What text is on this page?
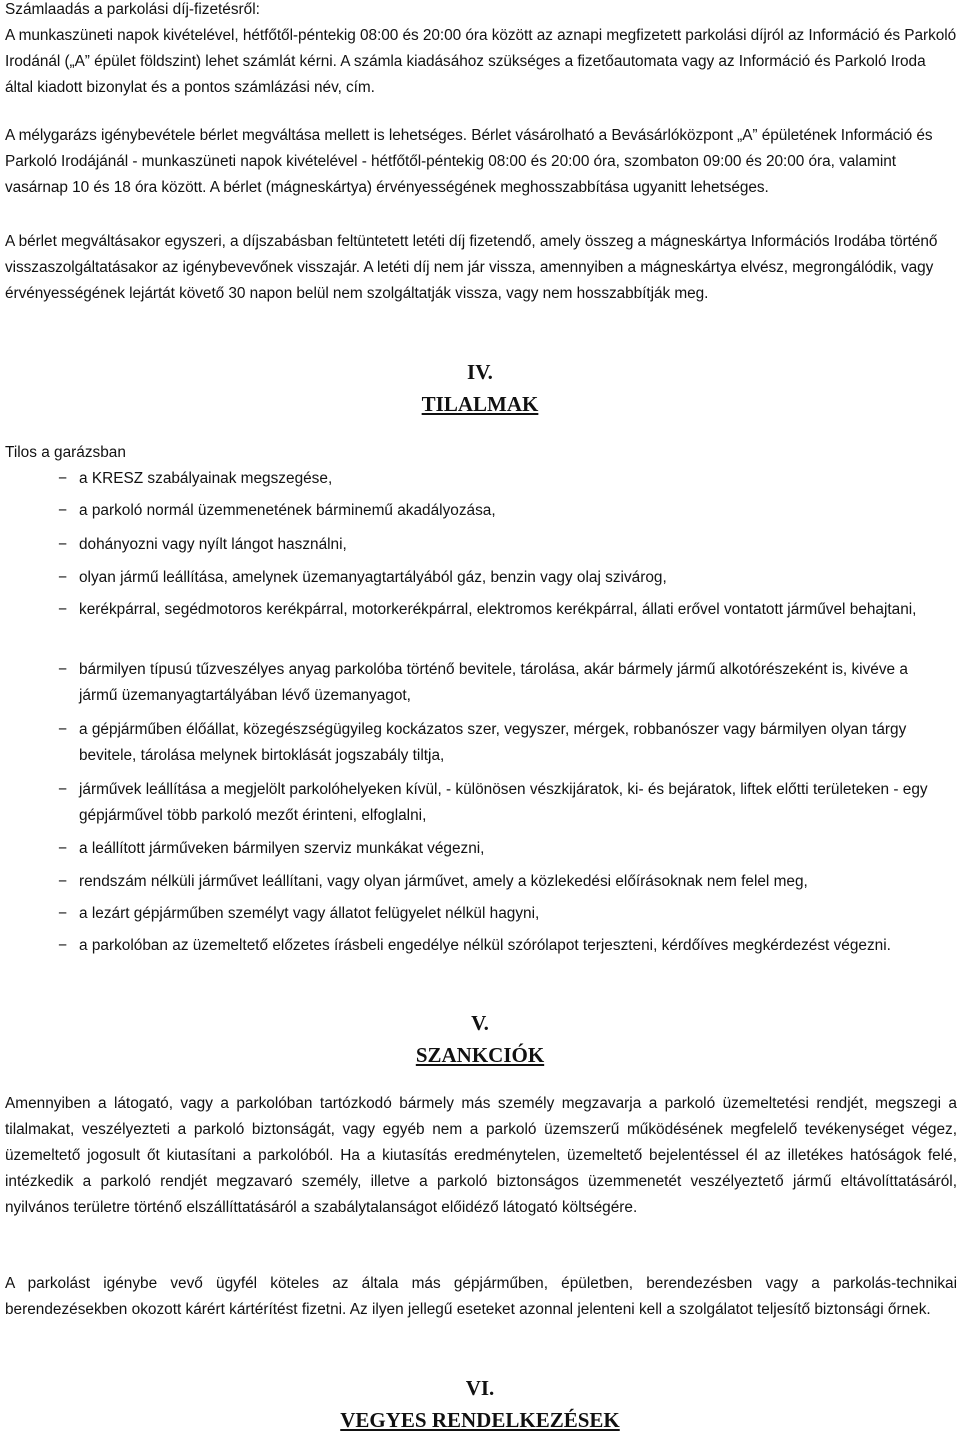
Számlaadás a parkolási díj-fizetésről:

A munkaszüneti napok kivételével, hétfőtől-péntekig 08:00 és 20:00 óra között az aznapi megfizetett parkolási díjról az Információ és Parkoló Irodánál („A” épület földszint) lehet számlát kérni. A számla kiadásához szükséges a fizetőautomata vagy az Információ és Parkoló Iroda által kiadott bizonylat és a pontos számlázási név, cím.

A mélygarázs igénybevétele bérlet megváltása mellett is lehetséges. Bérlet vásárolható a Bevásárlóközpont „A” épületének Információ és Parkoló Irodájánál - munkaszüneti napok kivételével - hétfőtől-péntekig 08:00 és 20:00 óra, szombaton 09:00 és 20:00 óra, valamint vasárnap 10 és 18 óra között. A bérlet (mágneskártya) érvényességének meghosszabbítása ugyanitt lehetséges.

A bérlet megváltásakor egyszeri, a díjszabásban feltüntetett letéti díj fizetendő, amely összeg a mágneskártya Információs Irodába történő visszaszolgáltatásakor az igénybevevőnek visszajár. A letéti díj nem jár vissza, amennyiben a mágneskártya elvész, megrongálódik, vagy érvényességének lejártát követő 30 napon belül nem szolgáltatják vissza, vagy nem hosszabbítják meg.

IV.
TILALMAK

Tilos a garázsban

− a KRESZ szabályainak megszegése,
− a parkoló normál üzemmenetének bárminemű akadályozása,
− dohányozni vagy nyílt lángot használni,
− olyan jármű leállítása, amelynek üzemanyagtartályából gáz, benzin vagy olaj szivárog,
− kerékpárral, segédmotoros kerékpárral, motorkerékpárral, elektromos kerékpárral, állati erővel vontatott járművel behajtani,
− bármilyen típusú tűzveszélyes anyag parkolóba történő bevitele, tárolása, akár bármely jármű alkotórészeként is, kivéve a jármű üzemanyagtartályában lévő üzemanyagot,
− a gépjárműben élőállat, közegészségügyileg kockázatos szer, vegyszer, mérgek, robbanószer vagy bármilyen olyan tárgy bevitele, tárolása melynek birtoklását jogszabály tiltja,
− járművek leállítása a megjelölt parkolóhelyeken kívül, - különösen vészkijáratok, ki- és bejáratok, liftek előtti területeken - egy gépjárművel több parkoló mezőt érinteni, elfoglalni,
− a leállított járműveken bármilyen szerviz munkákat végezni,
− rendszám nélküli járművet leállítani, vagy olyan járművet, amely a közlekedési előírásoknak nem felel meg,
− a lezárt gépjárműben személyt vagy állatot felügyelet nélkül hagyni,
− a parkolóban az üzemeltető előzetes írásbeli engedélye nélkül szórólapot terjeszteni, kérdőíves megkérdezést végezni.
V.
SZANKCIÓK

Amennyiben a látogató, vagy a parkolóban tartózkodó bármely más személy megzavarja a parkoló üzemeltetési rendjét, megszegi a tilalmakat, veszélyezteti a parkoló biztonságát, vagy egyéb nem a parkoló üzemszerű működésének megfelelő tevékenységet végez, üzemeltető jogosult őt kiutasítani a parkolóból. Ha a kiutasítás eredménytelen, üzemeltető bejelentéssel él az illetékes hatóságok felé, intézkedik a parkoló rendjét megzavaró személy, illetve a parkoló biztonságos üzemmenetét veszélyeztető jármű eltávolíttatásáról, nyilvános területre történő elszállíttatásáról a szabálytalanságot előidéző látogató költségére.

A parkolást igénybe vevő ügyfél köteles az általa más gépjárműben, épületben, berendezésben vagy a parkolás-technikai berendezésekben okozott kárért kártérítést fizetni. Az ilyen jellegű eseteket azonnal jelenteni kell a szolgálatot teljesítő biztonsági őrnek.

VI.
VEGYES RENDELKEZÉSEK
